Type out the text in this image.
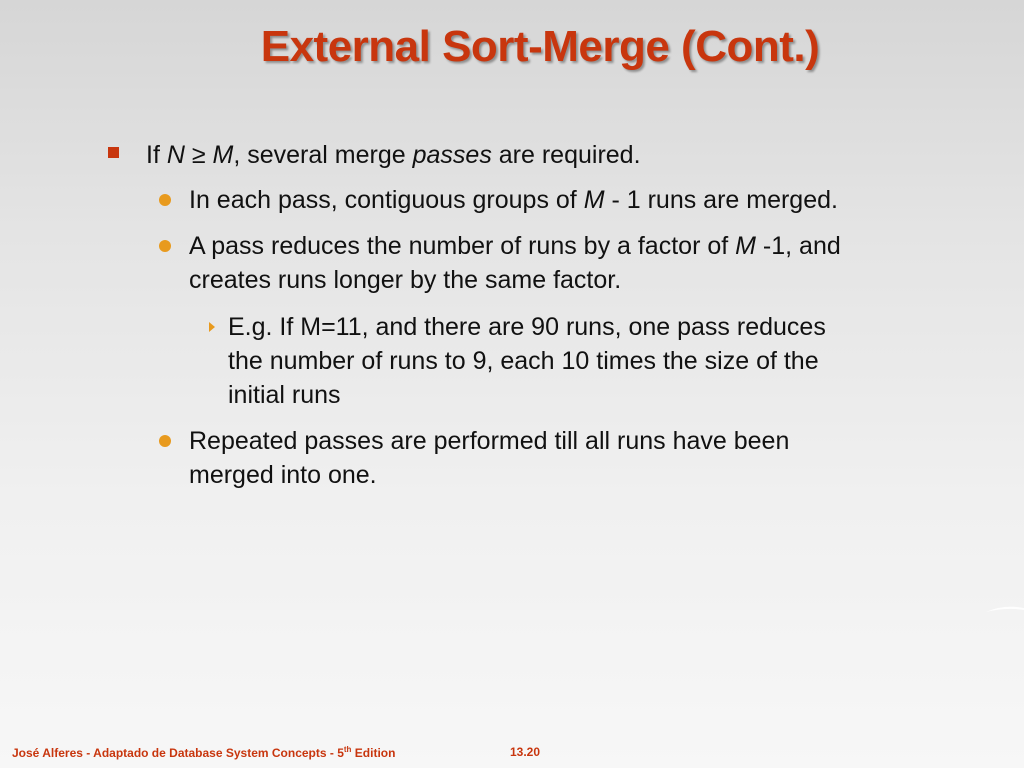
External Sort-Merge (Cont.)
If N ≥ M, several merge passes are required.
In each pass, contiguous groups of M - 1 runs are merged.
A pass reduces the number of runs by a factor of M -1, and
creates runs longer by the same factor.
E.g. If M=11, and there are 90 runs, one pass reduces
the number of runs to 9, each 10 times the size of the
initial runs
Repeated passes are performed till all runs have been
merged into one.
José Alferes - Adaptado de Database System Concepts - 5th Edition	13.20
